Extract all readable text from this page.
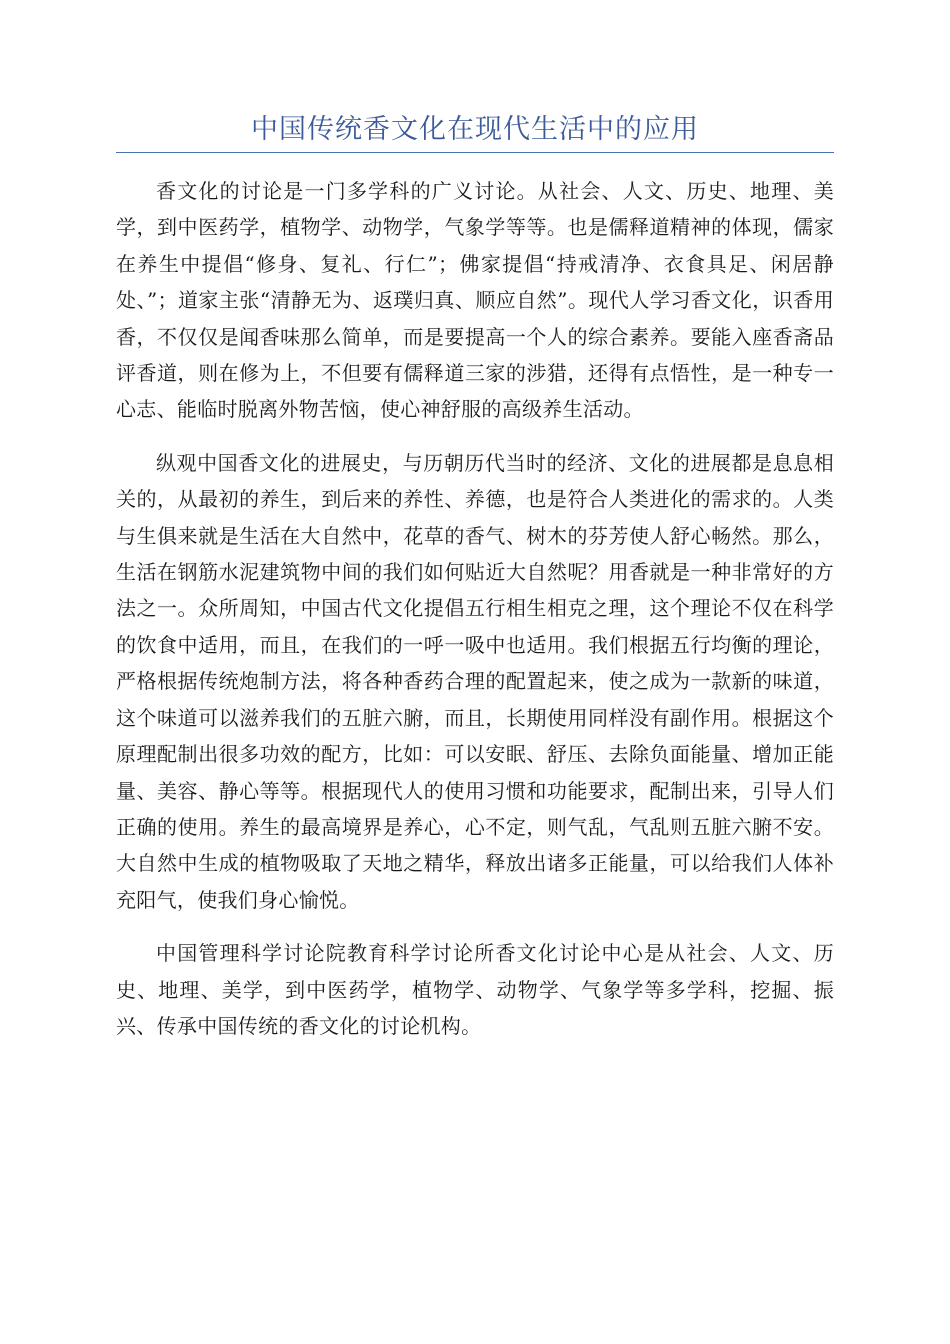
中国传统香文化在现代生活中的应用

香文化的讨论是一门多学科的广义讨论。从社会、人文、历史、地理、美学，到中医药学，植物学、动物学，气象学等等。也是儒释道精神的体现，儒家在养生中提倡“修身、复礼、行仁”；佛家提倡“持戒清净、衣食具足、闲居静处、”；道家主张“清静无为、返璞归真、顺应自然”。现代人学习香文化，识香用香，不仅仅是闻香味那么简单，而是要提高一个人的综合素养。要能入座香斋品评香道，则在修为上，不但要有儒释道三家的涉猎，还得有点悟性，是一种专一心志、能临时脱离外物苦恼，使心神舒服的高级养生活动。

纵观中国香文化的进展史，与历朝历代当时的经济、文化的进展都是息息相关的，从最初的养生，到后来的养性、养德，也是符合人类进化的需求的。人类与生俱来就是生活在大自然中，花草的香气、树木的芬芳使人舒心畅然。那么，生活在钢筋水泥建筑物中间的我们如何贴近大自然呢？用香就是一种非常好的方法之一。众所周知，中国古代文化提倡五行相生相克之理，这个理论不仅在科学的饮食中适用，而且，在我们的一呼一吸中也适用。我们根据五行均衡的理论，严格根据传统炮制方法，将各种香药合理的配置起来，使之成为一款新的味道，这个味道可以滋养我们的五脏六腑，而且，长期使用同样没有副作用。根据这个原理配制出很多功效的配方，比如：可以安眠、舒压、去除负面能量、增加正能量、美容、静心等等。根据现代人的使用习惯和功能要求，配制出来，引导人们正确的使用。养生的最高境界是养心，心不定，则气乱，气乱则五脏六腑不安。大自然中生成的植物吸取了天地之精华，释放出诸多正能量，可以给我们人体补充阳气，使我们身心愉悦。

中国管理科学讨论院教育科学讨论所香文化讨论中心是从社会、人文、历史、地理、美学，到中医药学，植物学、动物学、气象学等多学科，挖掘、振兴、传承中国传统的香文化的讨论机构。
